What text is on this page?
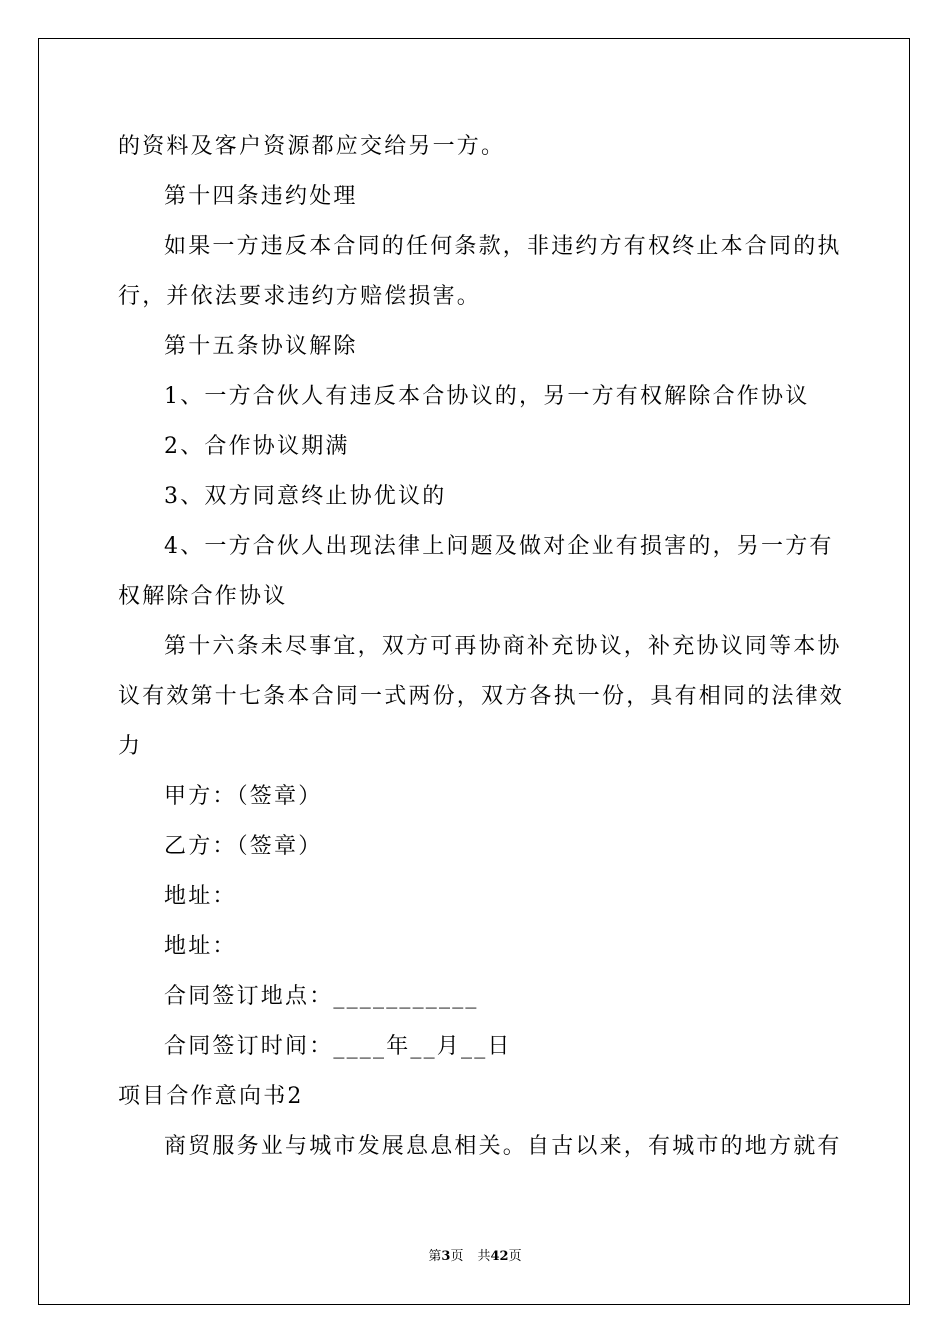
的资料及客户资源都应交给另一方。

第十四条违约处理

如果一方违反本合同的任何条款，非违约方有权终止本合同的执

行，并依法要求违约方赔偿损害。

第十五条协议解除

1、一方合伙人有违反本合协议的，另一方有权解除合作协议

2、合作协议期满

3、双方同意终止协优议的

4、一方合伙人出现法律上问题及做对企业有损害的，另一方有

权解除合作协议

第十六条未尽事宜，双方可再协商补充协议，补充协议同等本协

议有效第十七条本合同一式两份，双方各执一份，具有相同的法律效

力

甲方：（签章）

乙方：（签章）

地址：

地址：

合同签订地点：___________

合同签订时间：____年__月__日

项目合作意向书2

商贸服务业与城市发展息息相关。自古以来，有城市的地方就有

第3页 共42页
